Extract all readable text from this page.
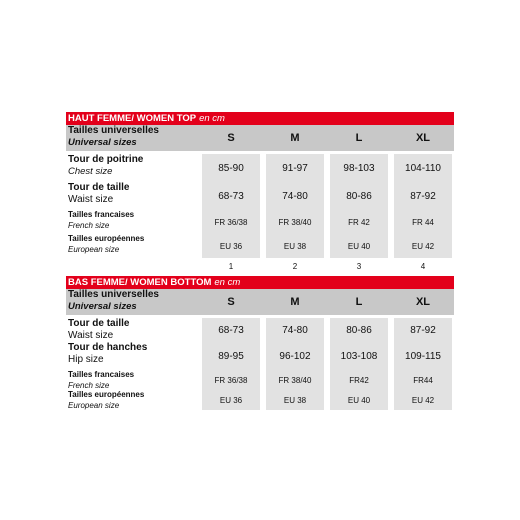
HAUT FEMME/ WOMEN TOP en cm
Tailles universelles
Universal sizes	S	M	L	XL
Tour de poitrine
Chest size	85-90	91-97	98-103	104-110
Tour de taille
Waist size	68-73	74-80	80-86	87-92
Tailles francaises
French size	FR 36/38	FR 38/40	FR 42	FR 44
Tailles européennes
European size	EU 36	EU 38	EU 40	EU 42
1	2	3	4
BAS FEMME/ WOMEN BOTTOM en cm
Tailles universelles
Universal sizes	S	M	L	XL
Tour de taille
Waist size	68-73	74-80	80-86	87-92
Tour de hanches
Hip size	89-95	96-102	103-108	109-115
Tailles francaises
French size
FR 36/38	FR 38/40	FR42	FR44
Tailles européennes
European size
EU 36	EU 38	EU 40	EU 42
